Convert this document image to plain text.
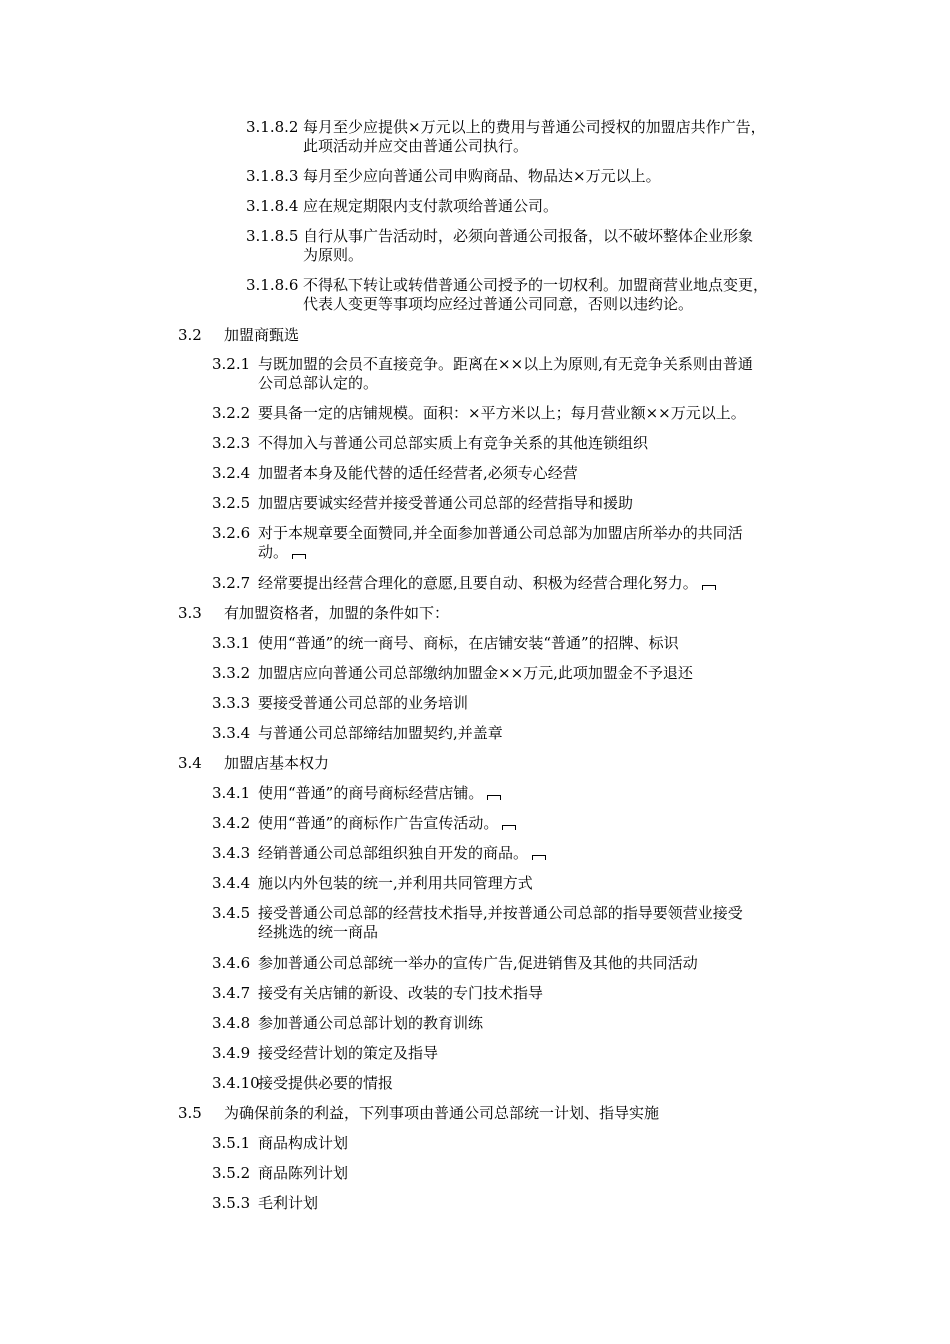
3.1.8.2 每月至少应提供×万元以上的费用与普通公司授权的加盟店共作广告，
此项活动并应交由普通公司执行。
3.1.8.3 每月至少应向普通公司申购商品、物品达×万元以上。
3.1.8.4 应在规定期限内支付款项给普通公司。
3.1.8.5 自行从事广告活动时，必须向普通公司报备，以不破坏整体企业形象
为原则。
3.1.8.6 不得私下转让或转借普通公司授予的一切权利。加盟商营业地点变更，
代表人变更等事项均应经过普通公司同意，否则以违约论。
3.2 加盟商甄选
3.2.1 与既加盟的会员不直接竞争。距离在××以上为原则,有无竞争关系则由普通
公司总部认定的。
3.2.2 要具备一定的店铺规模。面积：×平方米以上；每月营业额××万元以上。
3.2.3 不得加入与普通公司总部实质上有竞争关系的其他连锁组织
3.2.4 加盟者本身及能代替的适任经营者,必须专心经营
3.2.5 加盟店要诚实经营并接受普通公司总部的经营指导和援助
3.2.6 对于本规章要全面赞同,并全面参加普通公司总部为加盟店所举办的共同活
动。
3.2.7 经常要提出经营合理化的意愿,且要自动、积极为经营合理化努力。
3.3 有加盟资格者，加盟的条件如下：
3.3.1 使用“普通”的统一商号、商标，在店铺安装“普通”的招牌、标识
3.3.2 加盟店应向普通公司总部缴纳加盟金××万元,此项加盟金不予退还
3.3.3 要接受普通公司总部的业务培训
3.3.4 与普通公司总部缔结加盟契约,并盖章
3.4 加盟店基本权力
3.4.1 使用“普通”的商号商标经营店铺。
3.4.2 使用“普通”的商标作广告宣传活动。
3.4.3 经销普通公司总部组织独自开发的商品。
3.4.4 施以内外包装的统一,并利用共同管理方式
3.4.5 接受普通公司总部的经营技术指导,并按普通公司总部的指导要领营业接受
经挑选的统一商品
3.4.6 参加普通公司总部统一举办的宣传广告,促进销售及其他的共同活动
3.4.7 接受有关店铺的新设、改装的专门技术指导
3.4.8 参加普通公司总部计划的教育训练
3.4.9 接受经营计划的策定及指导
3.4.10
接受提供必要的情报
3.5 为确保前条的利益，下列事项由普通公司总部统一计划、指导实施
3.5.1 商品构成计划
3.5.2 商品陈列计划
3.5.3 毛利计划
